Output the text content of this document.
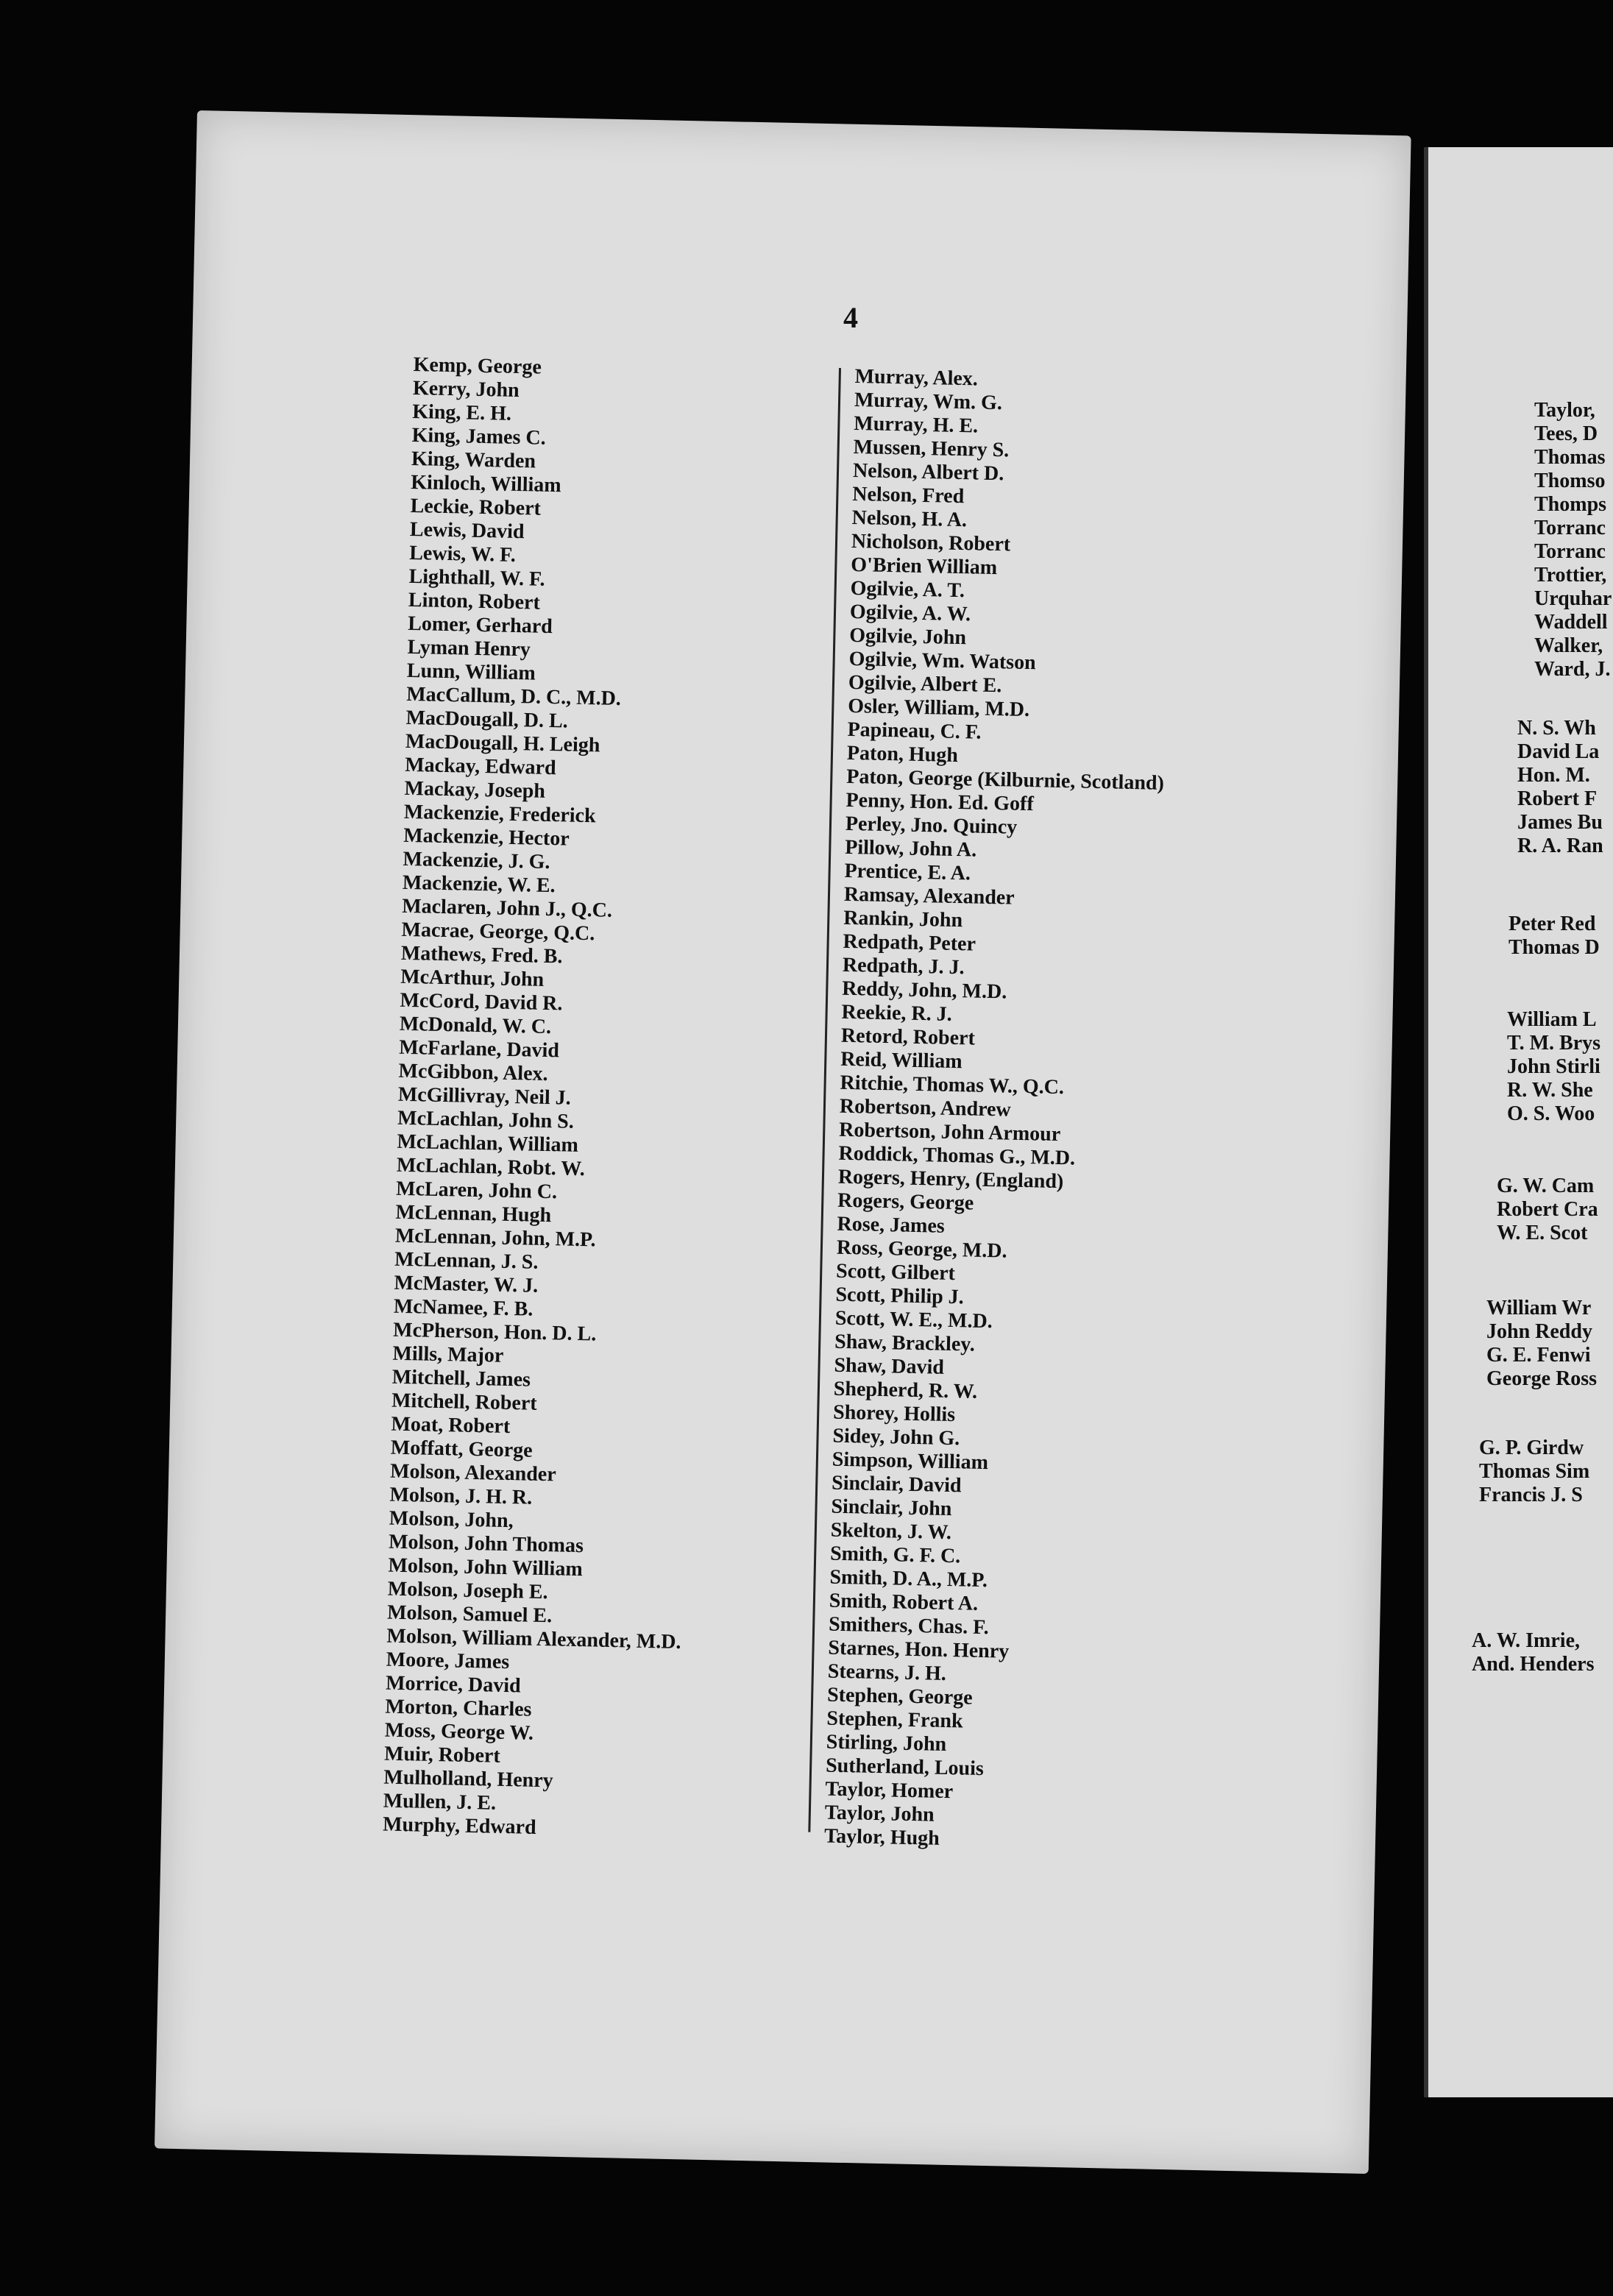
4
Kemp, George
Kerry, John
King, E. H.
King, James C.
King, Warden
Kinloch, William
Leckie, Robert
Lewis, David
Lewis, W. F.
Lighthall, W. F.
Linton, Robert
Lomer, Gerhard
Lyman Henry
Lunn, William
MacCallum, D. C., M.D.
MacDougall, D. L.
MacDougall, H. Leigh
Mackay, Edward
Mackay, Joseph
Mackenzie, Frederick
Mackenzie, Hector
Mackenzie, J. G.
Mackenzie, W. E.
Maclaren, John J., Q.C.
Macrae, George, Q.C.
Mathews, Fred. B.
McArthur, John
McCord, David R.
McDonald, W. C.
McFarlane, David
McGibbon, Alex.
McGillivray, Neil J.
McLachlan, John S.
McLachlan, William
McLachlan, Robt. W.
McLaren, John C.
McLennan, Hugh
McLennan, John, M.P.
McLennan, J. S.
McMaster, W. J.
McNamee, F. B.
McPherson, Hon. D. L.
Mills, Major
Mitchell, James
Mitchell, Robert
Moat, Robert
Moffatt, George
Molson, Alexander
Molson, J. H. R.
Molson, John,
Molson, John Thomas
Molson, John William
Molson, Joseph E.
Molson, Samuel E.
Molson, William Alexander, M.D.
Moore, James
Morrice, David
Morton, Charles
Moss, George W.
Muir, Robert
Mulholland, Henry
Mullen, J. E.
Murphy, Edward
Murray, Alex.
Murray, Wm. G.
Murray, H. E.
Mussen, Henry S.
Nelson, Albert D.
Nelson, Fred
Nelson, H. A.
Nicholson, Robert
O'Brien William
Ogilvie, A. T.
Ogilvie, A. W.
Ogilvie, John
Ogilvie, Wm. Watson
Ogilvie, Albert E.
Osler, William, M.D.
Papineau, C. F.
Paton, Hugh
Paton, George (Kilburnie, Scotland)
Penny, Hon. Ed. Goff
Perley, Jno. Quincy
Pillow, John A.
Prentice, E. A.
Ramsay, Alexander
Rankin, John
Redpath, Peter
Redpath, J. J.
Reddy, John, M.D.
Reekie, R. J.
Retord, Robert
Reid, William
Ritchie, Thomas W., Q.C.
Robertson, Andrew
Robertson, John Armour
Roddick, Thomas G., M.D.
Rogers, Henry, (England)
Rogers, George
Rose, James
Ross, George, M.D.
Scott, Gilbert
Scott, Philip J.
Scott, W. E., M.D.
Shaw, Brackley.
Shaw, David
Shepherd, R. W.
Shorey, Hollis
Sidey, John G.
Simpson, William
Sinclair, David
Sinclair, John
Skelton, J. W.
Smith, G. F. C.
Smith, D. A., M.P.
Smith, Robert A.
Smithers, Chas. F.
Starnes, Hon. Henry
Stearns, J. H.
Stephen, George
Stephen, Frank
Stirling, John
Sutherland, Louis
Taylor, Homer
Taylor, John
Taylor, Hugh
Taylor,
Tees, D
Thomas
Thomso
Thomps
Torranc
Torranc
Trottier,
Urquhar
Waddell
Walker,
Ward, J.
N. S. Wh
David La
Hon. M.
Robert F
James Bu
R. A. Ran
Peter Red
Thomas D
William L
T. M. Brys
John Stirli
R. W. She
O. S. Woo
G. W. Cam
Robert Cra
W. E. Scot
William Wr
John Reddy
G. E. Fenwi
George Ross
G. P. Girdw
Thomas Sim
Francis J. S
A. W. Imrie,
And. Henders
